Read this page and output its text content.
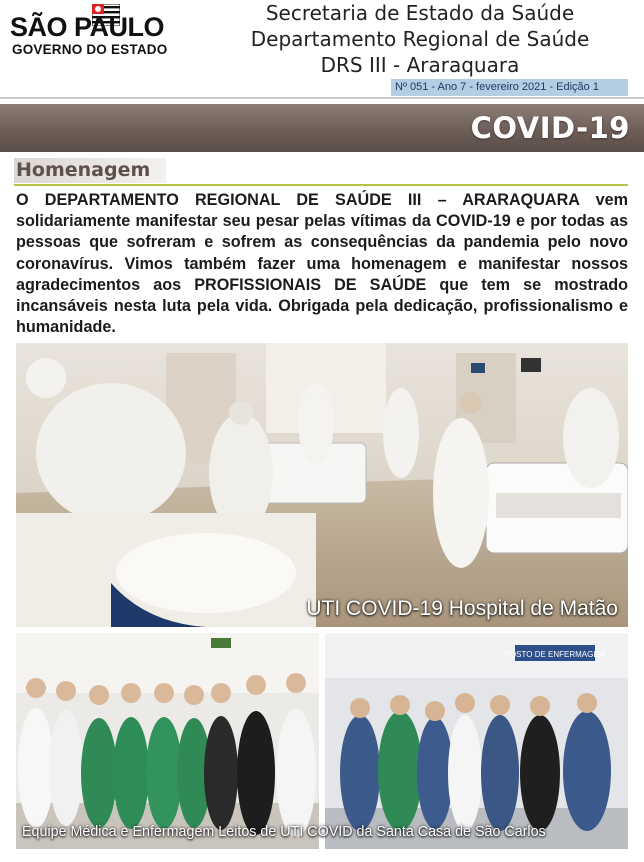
SÃO PAULO
GOVERNO DO ESTADO
Secretaria de Estado da Saúde
Departamento Regional de Saúde
DRS III - Araraquara
Nº 051 - Ano 7 - fevereiro 2021 - Edição 1
COVID-19
Homenagem
O DEPARTAMENTO REGIONAL DE SAÚDE III – ARARAQUARA vem solidariamente manifestar seu pesar pelas vítimas da COVID-19 e por todas as pessoas que sofreram e sofrem as consequências da pandemia pelo novo coronavírus. Vimos também fazer uma homenagem e manifestar nossos agradecimentos aos PROFISSIONAIS DE SAÚDE que tem se mostrado incansáveis nesta luta pela vida. Obrigada pela dedicação, profissionalismo e humanidade.
UTI COVID-19 Hospital de Matão
POSTO DE ENFERMAGEM
Equipe Médica e Enfermagem Leitos de UTI COVID da Santa Casa de São Carlos
